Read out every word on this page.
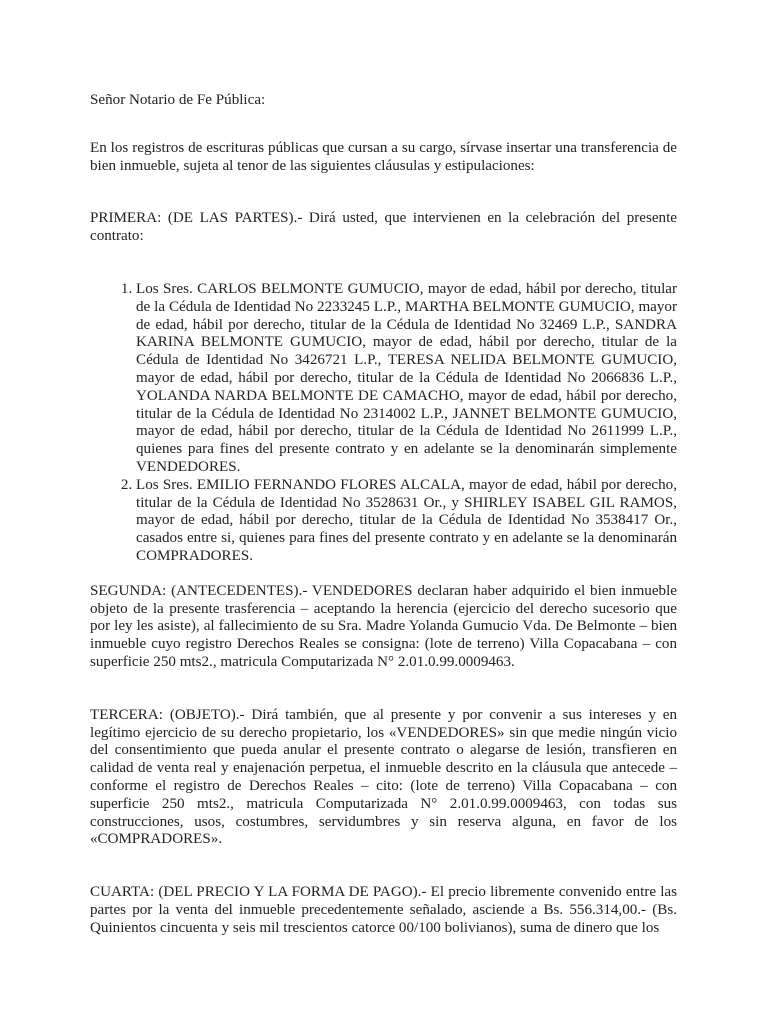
Señor Notario de Fe Pública:

En los registros de escrituras públicas que cursan a su cargo, sírvase insertar una transferencia de bien inmueble, sujeta al tenor de las siguientes cláusulas y estipulaciones:

PRIMERA: (DE LAS PARTES).- Dirá usted, que intervienen en la celebración del presente contrato:

1. Los Sres. CARLOS BELMONTE GUMUCIO, mayor de edad, hábil por derecho, titular de la Cédula de Identidad No 2233245 L.P., MARTHA BELMONTE GUMUCIO, mayor de edad, hábil por derecho, titular de la Cédula de Identidad No 32469 L.P., SANDRA KARINA BELMONTE GUMUCIO, mayor de edad, hábil por derecho, titular de la Cédula de Identidad No 3426721 L.P., TERESA NELIDA BELMONTE GUMUCIO, mayor de edad, hábil por derecho, titular de la Cédula de Identidad No 2066836 L.P., YOLANDA NARDA BELMONTE DE CAMACHO, mayor de edad, hábil por derecho, titular de la Cédula de Identidad No 2314002 L.P., JANNET BELMONTE GUMUCIO, mayor de edad, hábil por derecho, titular de la Cédula de Identidad No 2611999 L.P., quienes para fines del presente contrato y en adelante se la denominarán simplemente VENDEDORES.
2. Los Sres. EMILIO FERNANDO FLORES ALCALA, mayor de edad, hábil por derecho, titular de la Cédula de Identidad No 3528631 Or., y SHIRLEY ISABEL GIL RAMOS, mayor de edad, hábil por derecho, titular de la Cédula de Identidad No 3538417 Or., casados entre si, quienes para fines del presente contrato y en adelante se la denominarán COMPRADORES.

SEGUNDA: (ANTECEDENTES).- VENDEDORES declaran haber adquirido el bien inmueble objeto de la presente trasferencia – aceptando la herencia (ejercicio del derecho sucesorio que por ley les asiste), al fallecimiento de su Sra. Madre Yolanda Gumucio Vda. De Belmonte – bien inmueble cuyo registro Derechos Reales se consigna: (lote de terreno) Villa Copacabana – con superficie 250 mts2., matricula Computarizada N° 2.01.0.99.0009463.

TERCERA: (OBJETO).- Dirá también, que al presente y por convenir a sus intereses y en legítimo ejercicio de su derecho propietario, los «VENDEDORES» sin que medie ningún vicio del consentimiento que pueda anular el presente contrato o alegarse de lesión, transfieren en calidad de venta real y enajenación perpetua, el inmueble descrito en la cláusula que antecede – conforme el registro de Derechos Reales – cito: (lote de terreno) Villa Copacabana – con superficie 250 mts2., matricula Computarizada N° 2.01.0.99.0009463, con todas sus construcciones, usos, costumbres, servidumbres y sin reserva alguna, en favor de los «COMPRADORES».

CUARTA: (DEL PRECIO Y LA FORMA DE PAGO).- El precio libremente convenido entre las partes por la venta del inmueble precedentemente señalado, asciende a Bs. 556.314,00.- (Bs. Quinientos cincuenta y seis mil trescientos catorce 00/100 bolivianos), suma de dinero que los
